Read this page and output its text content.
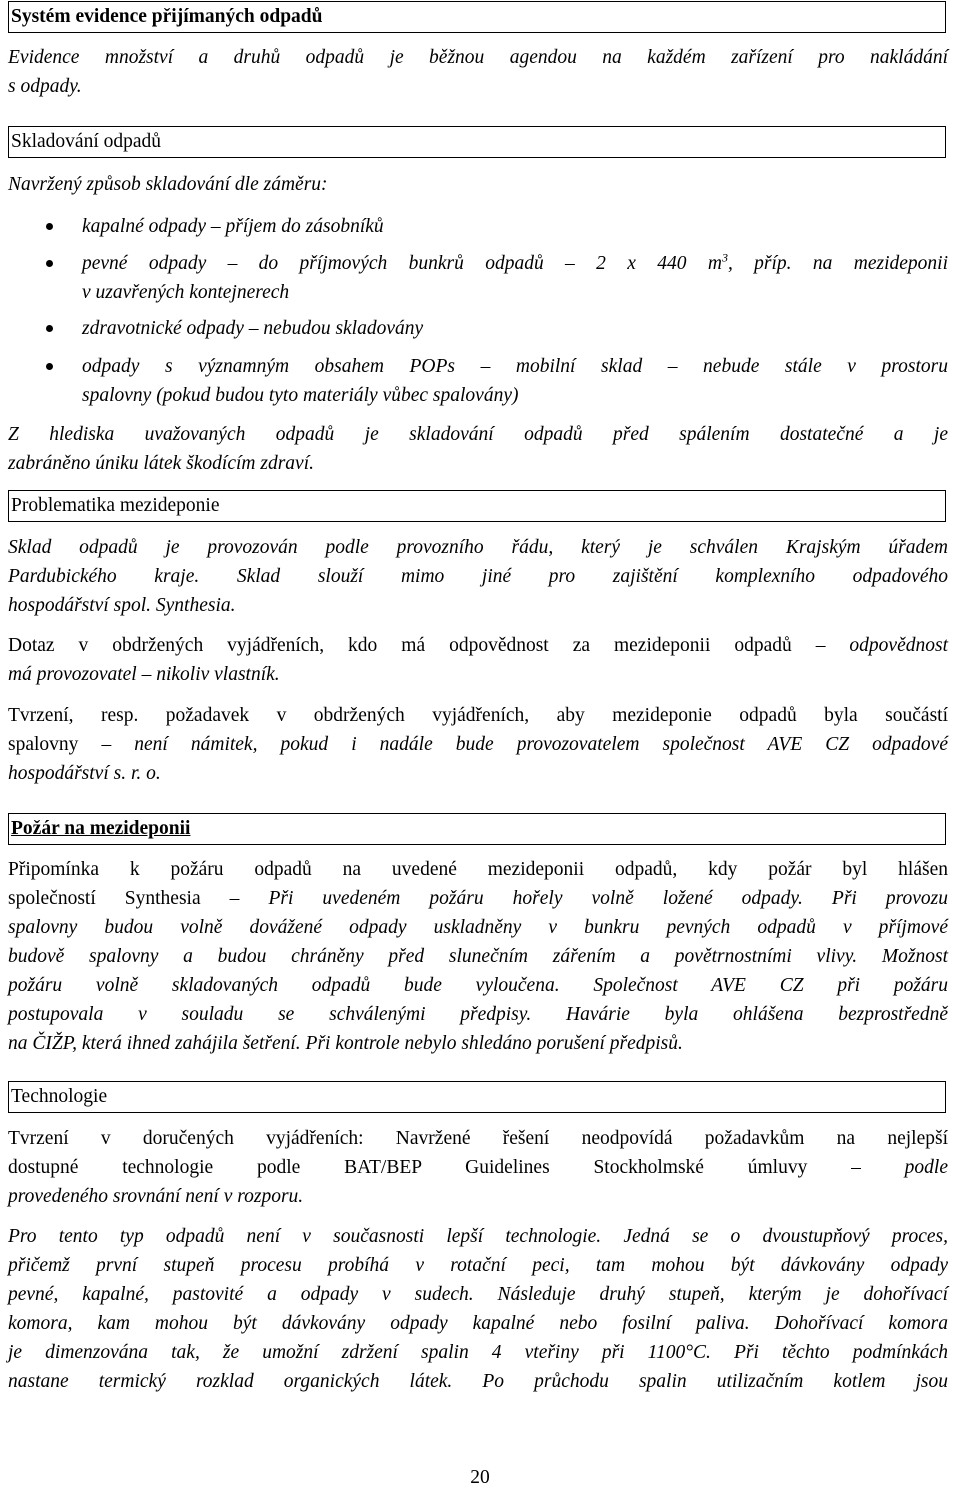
Systém evidence přijímaných odpadů
Evidence množství a druhů odpadů je běžnou agendou na každém zařízení pro nakládání
s odpady.
Skladování odpadů
Navržený způsob skladování dle záměru:
kapalné odpady – příjem do zásobníků
pevné odpady – do příjmových bunkrů odpadů – 2 x 440 $m^3$, příp. na mezideponii
v uzavřených kontejnerech
zdravotnické odpady – nebudou skladovány
odpady s významným obsahem POPs – mobilní sklad – nebude stále v prostoru
spalovny (pokud budou tyto materiály vůbec spalovány)
Z hlediska uvažovaných odpadů je skladování odpadů před spálením dostatečné a je
zabráněno úniku látek škodícím zdraví.
Problematika mezideponie
Sklad odpadů je provozován podle provozního řádu, který je schválen Krajským úřadem
Pardubického kraje. Sklad slouží mimo jiné pro zajištění komplexního odpadového
hospodářství spol. Synthesia.
Dotaz v obdržených vyjádřeních, kdo má odpovědnost za mezideponii odpadů – odpovědnost
má provozovatel – nikoliv vlastník.
Tvrzení, resp. požadavek v obdržených vyjádřeních, aby mezideponie odpadů byla součástí
spalovny – není námitek, pokud i nadále bude provozovatelem společnost AVE CZ odpadové
hospodářství s. r. o.
Požár na mezideponii
Připomínka k požáru odpadů na uvedené mezideponii odpadů, kdy požár byl hlášen
společností Synthesia – Při uvedeném požáru hořely volně ložené odpady. Při provozu
spalovny budou volně dovážené odpady uskladněny v bunkru pevných odpadů v příjmové
budově spalovny a budou chráněny před slunečním zářením a povětrnostními vlivy. Možnost
požáru volně skladovaných odpadů bude vyloučena. Společnost AVE CZ při požáru
postupovala v souladu se schválenými předpisy. Havárie byla ohlášena bezprostředně
na ČIŽP, která ihned zahájila šetření. Při kontrole nebylo shledáno porušení předpisů.
Technologie
Tvrzení v doručených vyjádřeních: Navržené řešení neodpovídá požadavkům na nejlepší
dostupné technologie podle BAT/BEP Guidelines Stockholmské úmluvy – podle
provedeného srovnání není v rozporu.
Pro tento typ odpadů není v současnosti lepší technologie. Jedná se o dvoustupňový proces,
přičemž první stupeň procesu probíhá v rotační peci, tam mohou být dávkovány odpady
pevné, kapalné, pastovité a odpady v sudech. Následuje druhý stupeň, kterým je dohořívací
komora, kam mohou být dávkovány odpady kapalné nebo fosilní paliva. Dohořívací komora
je dimenzována tak, že umožní zdržení spalin 4 vteřiny při 1100°C. Při těchto podmínkách
nastane termický rozklad organických látek. Po průchodu spalin utilizačním kotlem jsou
20
